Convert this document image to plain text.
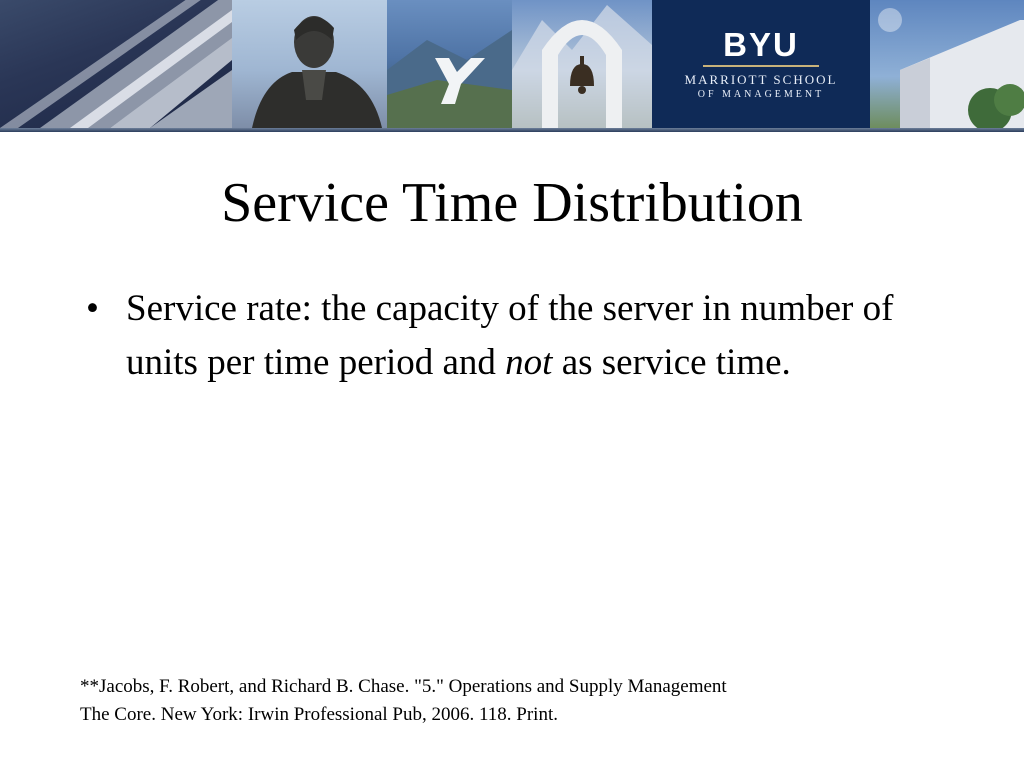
BYU
MARRIOTT SCHOOL
OF MANAGEMENT
Service Time Distribution
• Service rate: the capacity of the server in number of units per time period and not as service time.
**Jacobs, F. Robert, and Richard B. Chase. "5." Operations and Supply Management
The Core. New York: Irwin Professional Pub, 2006. 118. Print.
